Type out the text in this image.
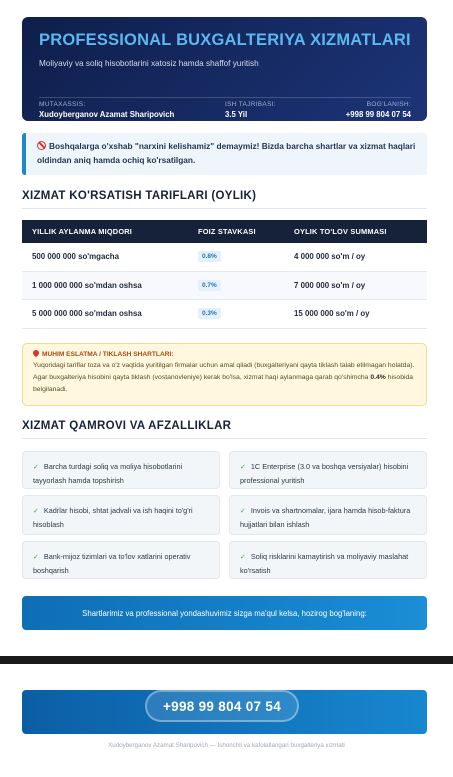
PROFESSIONAL BUXGALTERIYA XIZMATLARI
Moliyaviy va soliq hisobotlarini xatosiz hamda shaffof yuritish
MUTAXASSIS:
Xudoyberganov Azamat Sharipovich
ISH TAJRIBASI:
3.5 Yil
BOG'LANISH:
+998 99 804 07 54
Boshqalarga o'xshab "narxini kelishamiz" demaymiz! Bizda barcha shartlar va xizmat haqlari oldindan aniq hamda ochiq ko'rsatilgan.
XIZMAT KO'RSATISH TARIFLARI (OYLIK)
YILLIK AYLANMA MIQDORI	FOIZ STAVKASI	OYLIK TO'LOV SUMMASI
500 000 000 so'mgacha	0.8%	4 000 000 so'm / oy
1 000 000 000 so'mdan oshsa	0.7%	7 000 000 so'm / oy
5 000 000 000 so'mdan oshsa	0.3%	15 000 000 so'm / oy
MUHIM ESLATMA / TIKLASH SHARTLARI:
Yuqoridagi tariflar toza va o'z vaqtida yuritilgan firmalar uchun amal qiladi (buxgalteriyani qayta tiklash talab etilmagan holatda). Agar buxgalteriya hisobini qayta tiklash (vostanovleniye) kerak bo'lsa, xizmat haqi aylanmaga qarab qo'shimcha 0.4% hisobida belgilanadi.
XIZMAT QAMROVI VA AFZALLIKLAR
✓ Barcha turdagi soliq va moliya hisobotlarini tayyorlash hamda topshirish
✓ 1C Enterprise (3.0 va boshqa versiyalar) hisobini professional yuritish
✓ Kadrlar hisobi, shtat jadvali va ish haqini to'g'ri hisoblash
✓ Invois va shartnomalar, ijara hamda hisob-faktura hujjatlari bilan ishlash
✓ Bank-mijoz tizimlari va to'lov xatlarini operativ boshqarish
✓ Soliq risklarini kamaytirish va moliyaviy maslahat ko'rsatish
Shartlarimiz va professional yondashuvimiz sizga ma'qul kelsa, hozirog bog'laning:
+998 99 804 07 54
Xudoyberganov Azamat Sharipovich — Ishonchli va kafolatlangan buxgalteriya xizmati
